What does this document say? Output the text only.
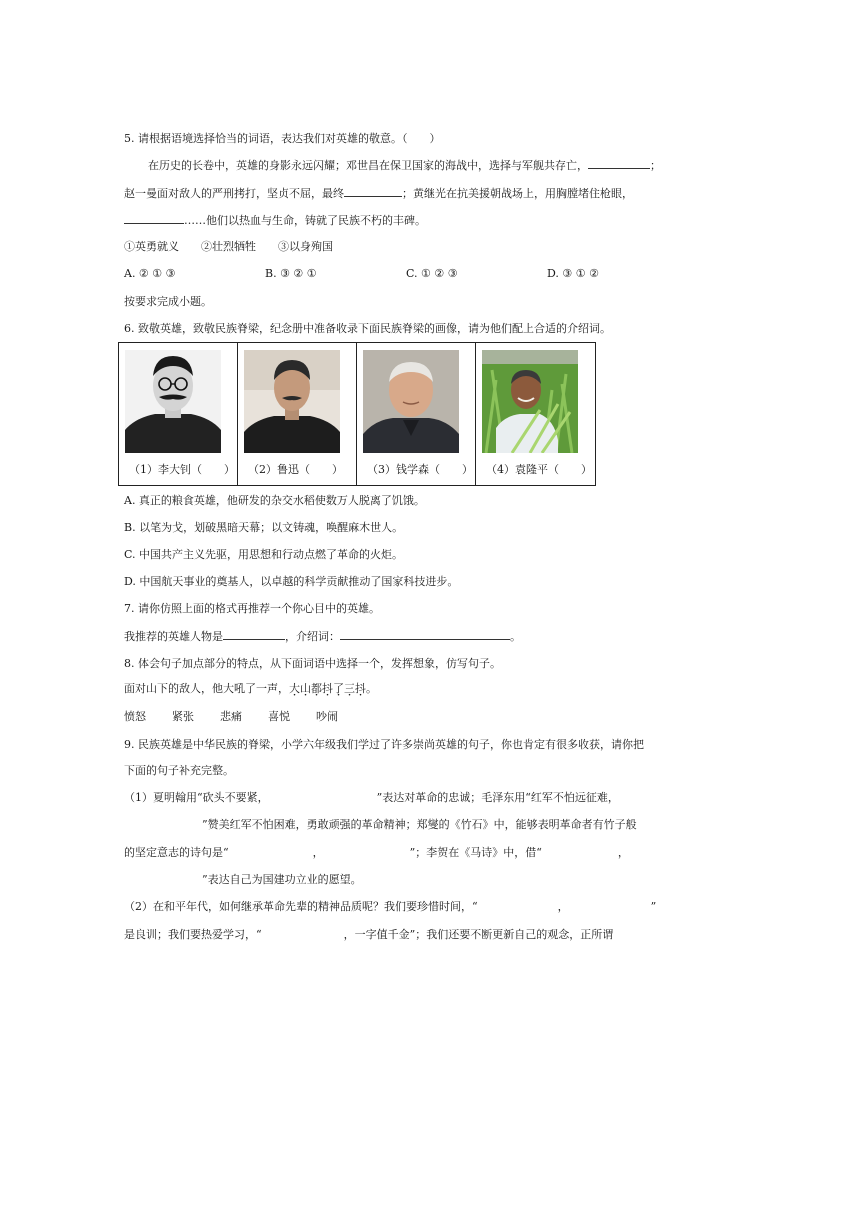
5. 请根据语境选择恰当的词语，表达我们对英雄的敬意。（　　）
在历史的长卷中，英雄的身影永远闪耀；邓世昌在保卫国家的海战中，选择与军舰共存亡，	；
赵一曼面对敌人的严刑拷打，坚贞不屈，最终	；黄继光在抗美援朝战场上，用胸膛堵住枪眼，
……他们以热血与生命，铸就了民族不朽的丰碑。
①英勇就义 ②壮烈牺牲 ③以身殉国
A. ② ① ③	B. ③ ② ①	C. ① ② ③	D. ③ ① ②
按要求完成小题。
6. 致敬英雄，致敬民族脊梁，纪念册中准备收录下面民族脊梁的画像，请为他们配上合适的介绍词。
（1）李大钊（　　） （2）鲁迅（　　） （3）钱学森（　　） （4）袁隆平（　　）
A. 真正的粮食英雄，他研发的杂交水稻使数万人脱离了饥饿。
B. 以笔为戈，划破黑暗天幕；以文铸魂，唤醒麻木世人。
C. 中国共产主义先驱，用思想和行动点燃了革命的火炬。
D. 中国航天事业的奠基人，以卓越的科学贡献推动了国家科技进步。
7. 请你仿照上面的格式再推荐一个你心目中的英雄。
我推荐的英雄人物是	，介绍词：	。
8. 体会句子加点部分的特点，从下面词语中选择一个，发挥想象，仿写句子。
面对山下的敌人，他大吼了一声，大山都抖了三抖。
愤怒 紧张 悲痛 喜悦 吵闹
9. 民族英雄是中华民族的脊梁，小学六年级我们学过了许多崇尚英雄的句子，你也肯定有很多收获，请你把
下面的句子补充完整。
（1）夏明翰用“砍头不要紧，	”表达对革命的忠诚；毛泽东用“红军不怕远征难，
”赞美红军不怕困难，勇敢顽强的革命精神；郑燮的《竹石》中，能够表明革命者有竹子般
的坚定意志的诗句是“	，	”；李贺在《马诗》中，借“	，
”表达自己为国建功立业的愿望。
（2）在和平年代，如何继承革命先辈的精神品质呢？我们要珍惜时间，“	，	”
是良训；我们要热爱学习，“	，一字值千金”；我们还要不断更新自己的观念，正所谓
